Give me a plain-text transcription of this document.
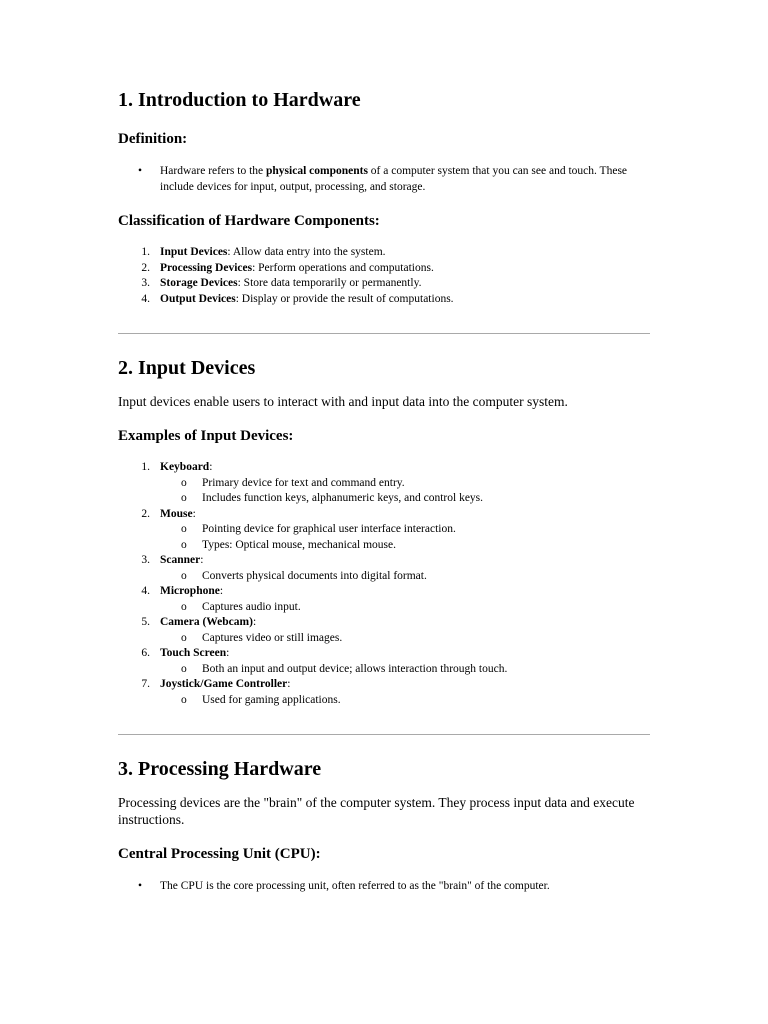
1. Introduction to Hardware
Definition:
• Hardware refers to the physical components of a computer system that you can see and touch. These include devices for input, output, processing, and storage.
Classification of Hardware Components:
1. Input Devices: Allow data entry into the system.
2. Processing Devices: Perform operations and computations.
3. Storage Devices: Store data temporarily or permanently.
4. Output Devices: Display or provide the result of computations.
2. Input Devices

Input devices enable users to interact with and input data into the computer system.

Examples of Input Devices:
1. Keyboard:
o Primary device for text and command entry.
o Includes function keys, alphanumeric keys, and control keys.
2. Mouse:
o Pointing device for graphical user interface interaction.
o Types: Optical mouse, mechanical mouse.
3. Scanner:
o Converts physical documents into digital format.
4. Microphone:
o Captures audio input.
5. Camera (Webcam):
o Captures video or still images.
6. Touch Screen:
o Both an input and output device; allows interaction through touch.
7. Joystick/Game Controller:
o Used for gaming applications.
3. Processing Hardware

Processing devices are the "brain" of the computer system. They process input data and execute instructions.

Central Processing Unit (CPU):
• The CPU is the core processing unit, often referred to as the "brain" of the computer.
